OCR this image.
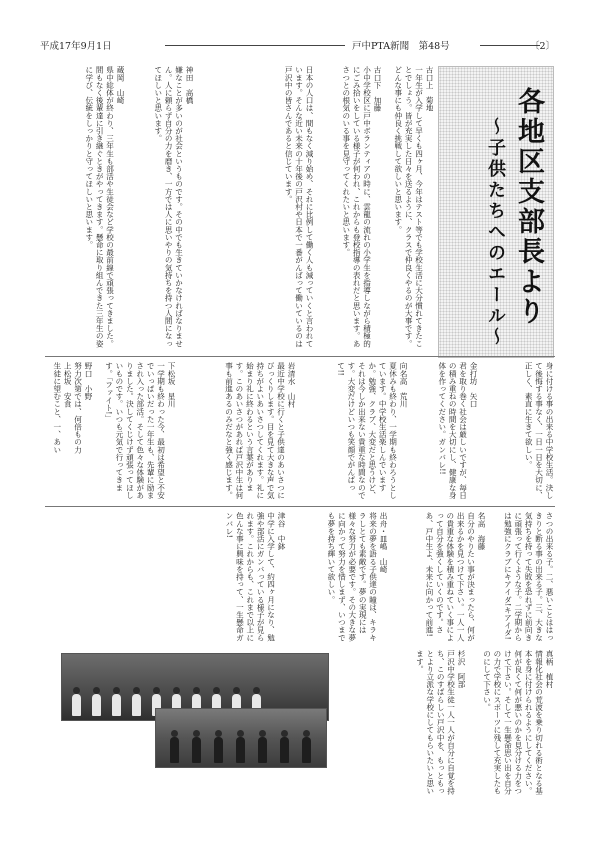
平成17年9月1日	戸中PTA新聞　第48号	〔2〕
各地区支部長より
〜子供たちへのエール〜
古口上　菊地
一年生が入学して早くも四ヶ月、今年はテスト等でも学校生活に大分慣れてきたことでしょう。皆が充実した日々を送るように、クラスで仲良くやるのが大事です。どんな事にも仲良く挑戦して欲しいと思います。
古口下　加藤
小中学校区に戸中ボランティアの時に、雲龍の流れの小学生を指導しながら積極的にごみ拾いをしている様子が何われ、これからも登校指導の表れだと思います。あさつとの根気のいる事を見守ってくれたいと思います。
日本の人口は、間もなく減り始め、それに比例して働く人も減っていくと言われています。そんな近い未来の十年後の戸沢村や日本で一番がんばって働いているのは戸沢中の皆さんであると信じています。
神田　高橋
嫌なことが多いのが社会というものです。その中でも生きていかなければなりません。人に頼らず自分の力を磨き、一方では人に思いやりの気持ちを持つ人間になってほしいと思います。
蔵岡　山崎
県中総体が終わり、三年生も部活や生徒会など学校の最前線で頑張ってきました。間もなく後輩達に引き継ぐときがやってきます。懸命に取り組んできた三年生の姿に学び、伝統をしっかりと守ってほしいと思います。
身に付ける事の出来る中学校生活。決して後悔する事なく、一日一日を大切に、正しく、素直に生きて欲しい。
金打坊　矢口
君を取り巻く社会は厳しいですが、毎日の積み重ねの時間を大切にし、健康な身体を作ってください。ガンバレ!!
向名高　荒川
夏休みも終わり、一学期も終わろうとしています。中学校生活楽しんでいますか。勉強、クラブ、大変だと思うけど、それは今しか出来ない貴重な時間なのです。大変だけどいつも笑顔でがんばって!!
岩清水　山村
最近中学校に行くと子供達のあいさつにびっくりします。目を見て大きな声で気持ちがよいあいさつしてくれます。礼に始まり礼に終わるという言葉があります。このあいさつがあれば戸沢中生は何事も前進あるのみだなと強く感じます。
下松坂　星川
一学期も終わった今、最初は希望と不安でいっぱいだった一年生も、先輩に励まされ入った部活。そして色々な体験がありました。決してくじけず頑張ってほしいものです。いつも元気で行ってきます。「ファイト!」
野口　小野
努力次第では、何倍もの力
上松坂　安食
生徒に望むこと、一、あい
さつの出来る子。二、悪いことははっきりと断る事の出来る子。三、大きな気持ちを持って失敗を恐れずに前向きに頑張って行くような子。二学期からは勉強にクラブにキアイダ!キアイダ!
名高　海藤
自分のやりたい事が決まったら、何が出来るかを見つけて下さい。一人一人の貴重な体験を積み重ねていく事によって自分を強くしていくのです。さあ、戸中生よ、未来に向かって前進!
出舟・皿嶋　山崎
将来の夢を語る子供達の瞳は、キラキラしとても素敵です。夢の実現には様々な努力が必要です。その大きな夢に向かって努力を惜しまず、いつまでも夢を持ち輝いて欲しい。
津谷　中鉢
中学に入学して、約四ヶ月になり、勉強や部活にガンバっている様子が見られます。これからも、これまで以上に色んな事に興味を持って、一生懸命ガンバレ!
真柄　植村
情報化社会の荒波を乗り切れる術となる基本を身に付けられるようにしてください。何が良くて何が悪いのかを見分ける力をつけて下さい。そして一生懸命思い出を自分の力で学校にスポーツに残して充実したものにして下さい。
杉沢　阿部
戸沢中学校生徒一人一人が自分に自覚を持ち、このすばらしい戸沢中を、もっともっとより立派な学校にしてもらいたいと思います。
